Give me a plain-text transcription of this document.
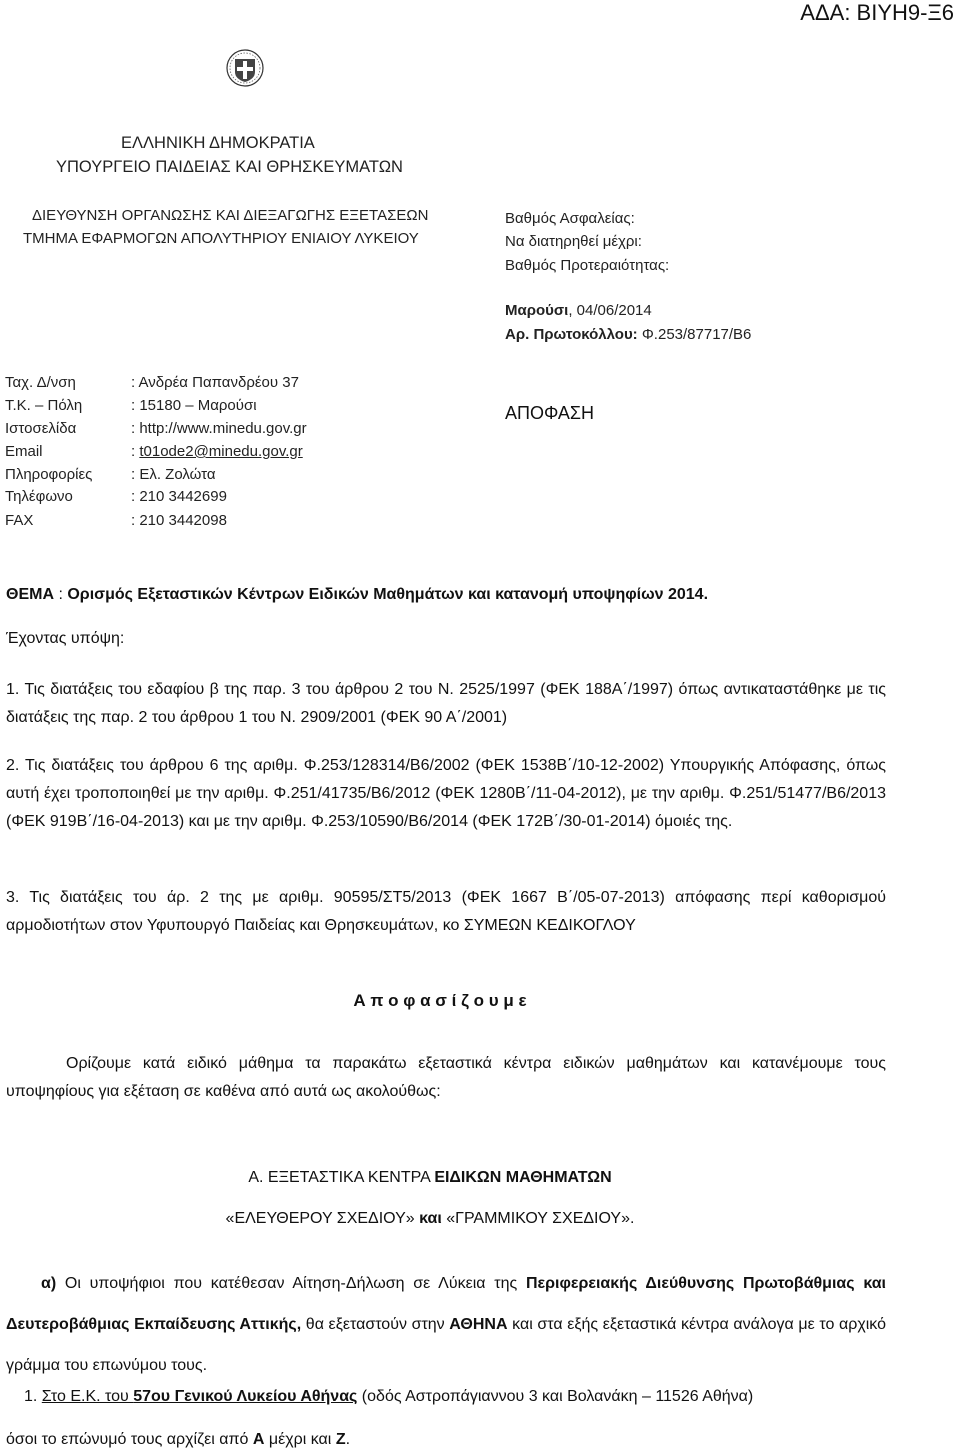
ΑΔΑ: ΒΙΥΗ9-Ξ6
ΕΛΛΗΝΙΚΗ ΔΗΜΟΚΡΑΤΙΑ
ΥΠΟΥΡΓΕΙΟ ΠΑΙΔΕΙΑΣ ΚΑΙ ΘΡΗΣΚΕΥΜΑΤΩΝ
ΔΙΕΥΘΥΝΣΗ ΟΡΓΑΝΩΣΗΣ ΚΑΙ ΔΙΕΞΑΓΩΓΗΣ ΕΞΕΤΑΣΕΩΝ
ΤΜΗΜΑ ΕΦΑΡΜΟΓΩΝ ΑΠΟΛΥΤΗΡΙΟΥ ΕΝΙΑΙΟΥ ΛΥΚΕΙΟΥ
Βαθμός Ασφαλείας:
Να διατηρηθεί μέχρι:
Βαθμός Προτεραιότητας:
Μαρούσι, 04/06/2014
Αρ. Πρωτοκόλλου: Φ.253/87717/Β6
Ταχ. Δ/νση	: Ανδρέα Παπανδρέου 37
Τ.Κ. – Πόλη	: 15180 – Μαρούσι
Ιστοσελίδα	: http://www.minedu.gov.gr
Email	: t01ode2@minedu.gov.gr
Πληροφορίες	: Ελ. Ζολώτα
Τηλέφωνο	: 210 3442699
FAX	: 210 3442098
ΑΠΟΦΑΣΗ
ΘΕΜΑ : Ορισμός Εξεταστικών Κέντρων Ειδικών Μαθημάτων και κατανομή υποψηφίων 2014.
Έχοντας υπόψη:
1. Τις διατάξεις του εδαφίου β της παρ. 3 του άρθρου 2 του Ν. 2525/1997 (ΦΕΚ 188Α΄/1997) όπως αντικαταστάθηκε με τις διατάξεις της παρ. 2 του άρθρου 1 του Ν. 2909/2001 (ΦΕΚ 90 Α΄/2001)
2. Τις διατάξεις του άρθρου 6 της αριθμ. Φ.253/128314/Β6/2002 (ΦΕΚ 1538Β΄/10-12-2002) Υπουργικής Απόφασης, όπως αυτή έχει τροποποιηθεί με την αριθμ. Φ.251/41735/Β6/2012 (ΦΕΚ 1280Β΄/11-04-2012), με την αριθμ. Φ.251/51477/Β6/2013 (ΦΕΚ 919Β΄/16-04-2013) και με την αριθμ. Φ.253/10590/Β6/2014 (ΦΕΚ 172Β΄/30-01-2014) όμοιές της.
3. Τις διατάξεις του άρ. 2 της με αριθμ. 90595/ΣΤ5/2013 (ΦΕΚ 1667 Β΄/05-07-2013) απόφασης περί καθορισμού αρμοδιοτήτων στον Υφυπουργό Παιδείας και Θρησκευμάτων, κο ΣΥΜΕΩΝ ΚΕΔΙΚΟΓΛΟΥ
Α π ο φ α σ ί ζ ο υ μ ε
Ορίζουμε κατά ειδικό μάθημα τα παρακάτω εξεταστικά κέντρα ειδικών μαθημάτων και κατανέμουμε τους υποψηφίους για εξέταση σε καθένα από αυτά ως ακολούθως:
Α. ΕΞΕΤΑΣΤΙΚΑ ΚΕΝΤΡΑ ΕΙΔΙΚΩΝ ΜΑΘΗΜΑΤΩΝ
«ΕΛΕΥΘΕΡΟΥ ΣΧΕΔΙΟΥ» και «ΓΡΑΜΜΙΚΟΥ ΣΧΕΔΙΟΥ».
α) Οι υποψήφιοι που κατέθεσαν Αίτηση-Δήλωση σε Λύκεια της Περιφερειακής Διεύθυνσης Πρωτοβάθμιας και Δευτεροβάθμιας Εκπαίδευσης Αττικής, θα εξεταστούν στην ΑΘΗΝΑ και στα εξής εξεταστικά κέντρα ανάλογα με το αρχικό γράμμα του επωνύμου τους.
1. Στο Ε.Κ. του 57ου Γενικού Λυκείου Αθήνας (οδός Αστροπάγιαννου 3 και Βολανάκη – 11526 Αθήνα)
όσοι το επώνυμό τους αρχίζει από Α μέχρι και Ζ.
